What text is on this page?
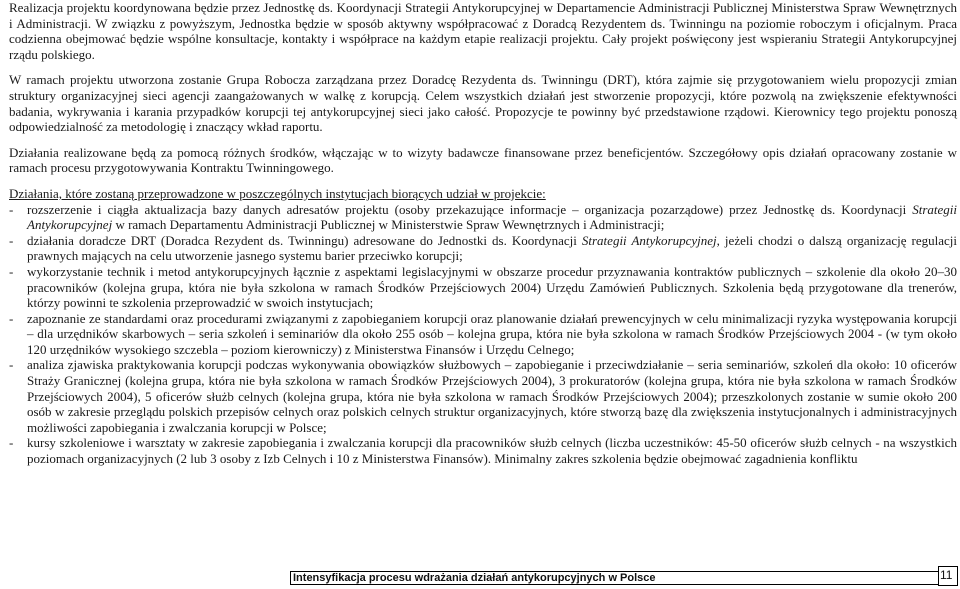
Realizacja projektu koordynowana będzie przez Jednostkę ds. Koordynacji Strategii Antykorupcyjnej w Departamencie Administracji Publicznej Ministerstwa Spraw Wewnętrznych i Administracji. W związku z powyższym, Jednostka będzie w sposób aktywny współpracować z Doradcą Rezydentem ds. Twinningu na poziomie roboczym i oficjalnym. Praca codzienna obejmować będzie wspólne konsultacje, kontakty i współprace na każdym etapie realizacji projektu. Cały projekt poświęcony jest wspieraniu Strategii Antykorupcyjnej rządu polskiego.

W ramach projektu utworzona zostanie Grupa Robocza zarządzana przez Doradcę Rezydenta ds. Twinningu (DRT), która zajmie się przygotowaniem wielu propozycji zmian struktury organizacyjnej sieci agencji zaangażowanych w walkę z korupcją. Celem wszystkich działań jest stworzenie propozycji, które pozwolą na zwiększenie efektywności badania, wykrywania i karania przypadków korupcji tej antykorupcyjnej sieci jako całość. Propozycje te powinny być przedstawione rządowi. Kierownicy tego projektu ponoszą odpowiedzialność za metodologię i znaczący wkład raportu.

Działania realizowane będą za pomocą różnych środków, włączając w to wizyty badawcze finansowane przez beneficjentów. Szczegółowy opis działań opracowany zostanie w ramach procesu przygotowywania Kontraktu Twinningowego.

Działania, które zostaną przeprowadzone w poszczególnych instytucjach biorących udział w projekcie:

- rozszerzenie i ciągła aktualizacja bazy danych adresatów projektu (osoby przekazujące informacje – organizacja pozarządowe) przez Jednostkę ds. Koordynacji Strategii Antykorupcyjnej w ramach Departamentu Administracji Publicznej w Ministerstwie Spraw Wewnętrznych i Administracji;
- działania doradcze DRT (Doradca Rezydent ds. Twinningu) adresowane do Jednostki ds. Koordynacji Strategii Antykorupcyjnej, jeżeli chodzi o dalszą organizację regulacji prawnych mających na celu utworzenie jasnego systemu barier przeciwko korupcji;
- wykorzystanie technik i metod antykorupcyjnych łącznie z aspektami legislacyjnymi w obszarze procedur przyznawania kontraktów publicznych – szkolenie dla około 20–30 pracowników (kolejna grupa, która nie była szkolona w ramach Środków Przejściowych 2004) Urzędu Zamówień Publicznych. Szkolenia będą przygotowane dla trenerów, którzy powinni te szkolenia przeprowadzić w swoich instytucjach;
- zapoznanie ze standardami oraz procedurami związanymi z zapobieganiem korupcji oraz planowanie działań prewencyjnych w celu minimalizacji ryzyka występowania korupcji – dla urzędników skarbowych – seria szkoleń i seminariów dla około 255 osób – kolejna grupa, która nie była szkolona w ramach Środków Przejściowych 2004 - (w tym około 120 urzędników wysokiego szczebla – poziom kierowniczy) z Ministerstwa Finansów i Urzędu Celnego;
- analiza zjawiska praktykowania korupcji podczas wykonywania obowiązków służbowych – zapobieganie i przeciwdziałanie – seria seminariów, szkoleń dla około: 10 oficerów Straży Granicznej (kolejna grupa, która nie była szkolona w ramach Środków Przejściowych 2004), 3 prokuratorów (kolejna grupa, która nie była szkolona w ramach Środków Przejściowych 2004), 5 oficerów służb celnych (kolejna grupa, która nie była szkolona w ramach Środków Przejściowych 2004); przeszkolonych zostanie w sumie około 200 osób w zakresie przeglądu polskich przepisów celnych oraz polskich celnych struktur organizacyjnych, które stworzą bazę dla zwiększenia instytucjonalnych i administracyjnych możliwości zapobiegania i zwalczania korupcji w Polsce;
- kursy szkoleniowe i warsztaty w zakresie zapobiegania i zwalczania korupcji dla pracowników służb celnych (liczba uczestników: 45-50 oficerów służb celnych - na wszystkich poziomach organizacyjnych (2 lub 3 osoby z Izb Celnych i 10 z Ministerstwa Finansów). Minimalny zakres szkolenia będzie obejmować zagadnienia konfliktu
Intensyfikacja procesu wdrażania działań antykorupcyjnych w Polsce	11
